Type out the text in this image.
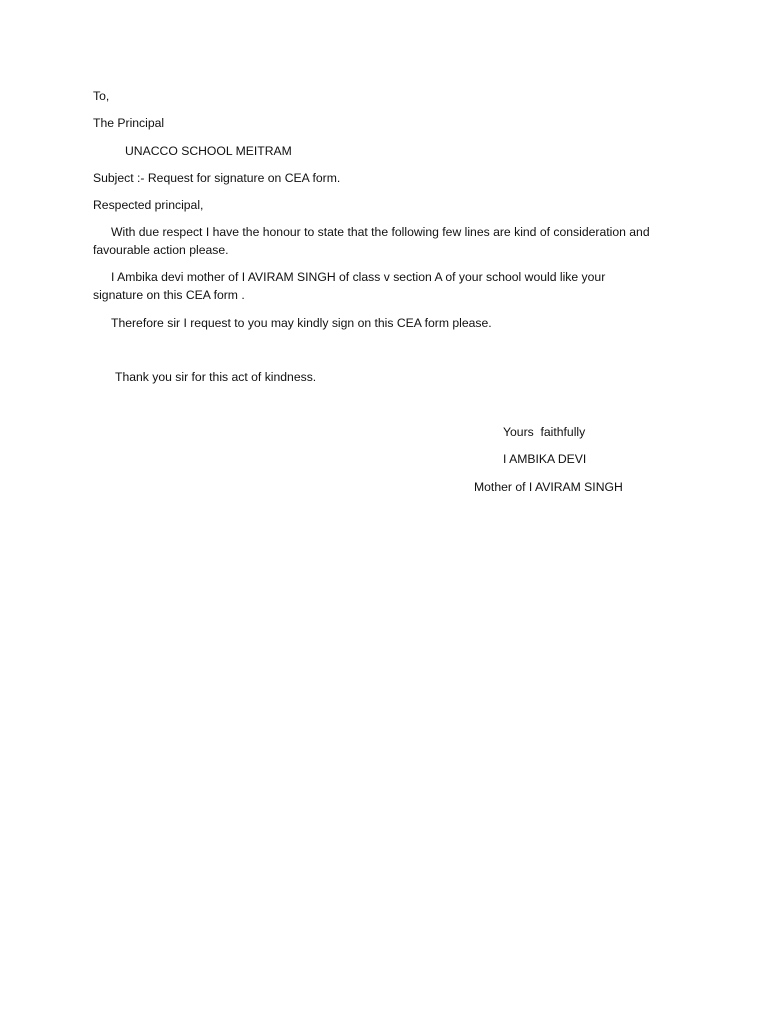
To,
The Principal
UNACCO SCHOOL MEITRAM
Subject :- Request for signature on CEA form.
Respected principal,
With due respect I have the honour to state that the following few lines are kind of consideration and favourable action please.
I Ambika devi mother of I AVIRAM SINGH of class v section A of your school would like your signature on this CEA form .
Therefore sir I request to you may kindly sign on this CEA form please.
Thank you sir for this act of kindness.
Yours  faithfully
I AMBIKA DEVI
Mother of I AVIRAM SINGH
